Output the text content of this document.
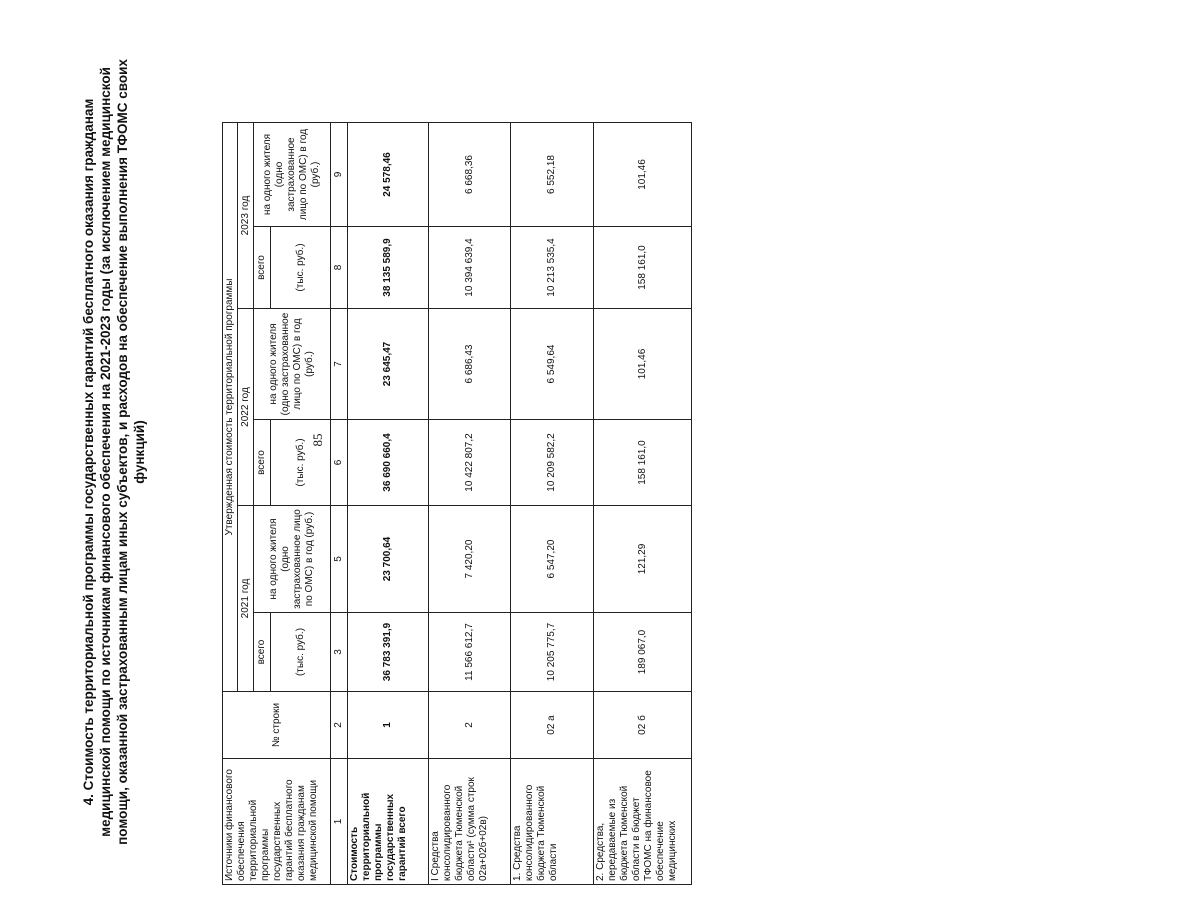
85
4. Стоимость территориальной программы государственных гарантий бесплатного оказания гражданам медицинской помощи по источникам финансового обеспечения на 2021-2023 годы (за исключением медицинской помощи, оказанной застрахованным лицам иных субъектов, и расходов на обеспечение выполнения ТФОМС своих функций)
Источники финансового обеспечения территориальной программы государственных гарантий бесплатного оказания гражданам медицинской помощи	№ строки	Утвержденная стоимость территориальной программы					
		2021 год		2022 год		2023 год	
		всего	на одного жителя (одно застрахованное лицо по ОМС) в год (руб.)	всего	на одного жителя (одно застрахованное лицо по ОМС) в год (руб.)	всего	на одного жителя (одно застрахованное лицо по ОМС) в год (руб.)
		(тыс. руб.)		(тыс. руб.)		(тыс. руб.)	
1	2	3	5	6	7	8	9
Стоимость территориальной программы государственных гарантий всего	1	36 783 391,9	23 700,64	36 690 660,4	23 645,47	38 135 589,9	24 578,46
I Средства консолидированного бюджета Тюменской области¹ (сумма строк 02а+02б+02в)	2	11 566 612,7	7 420,20	10 422 807,2	6 686,43	10 394 639,4	6 668,36
1. Средства консолидированного бюджета Тюменской области	02 а	10 205 775,7	6 547,20	10 209 582,2	6 549,64	10 213 535,4	6 552,18
2. Средства, передаваемые из бюджета Тюменской области в бюджет ТФОМС на финансовое обеспечение медицинских	02 б	189 067,0	121,29	158 161,0	101,46	158 161,0	101,46
